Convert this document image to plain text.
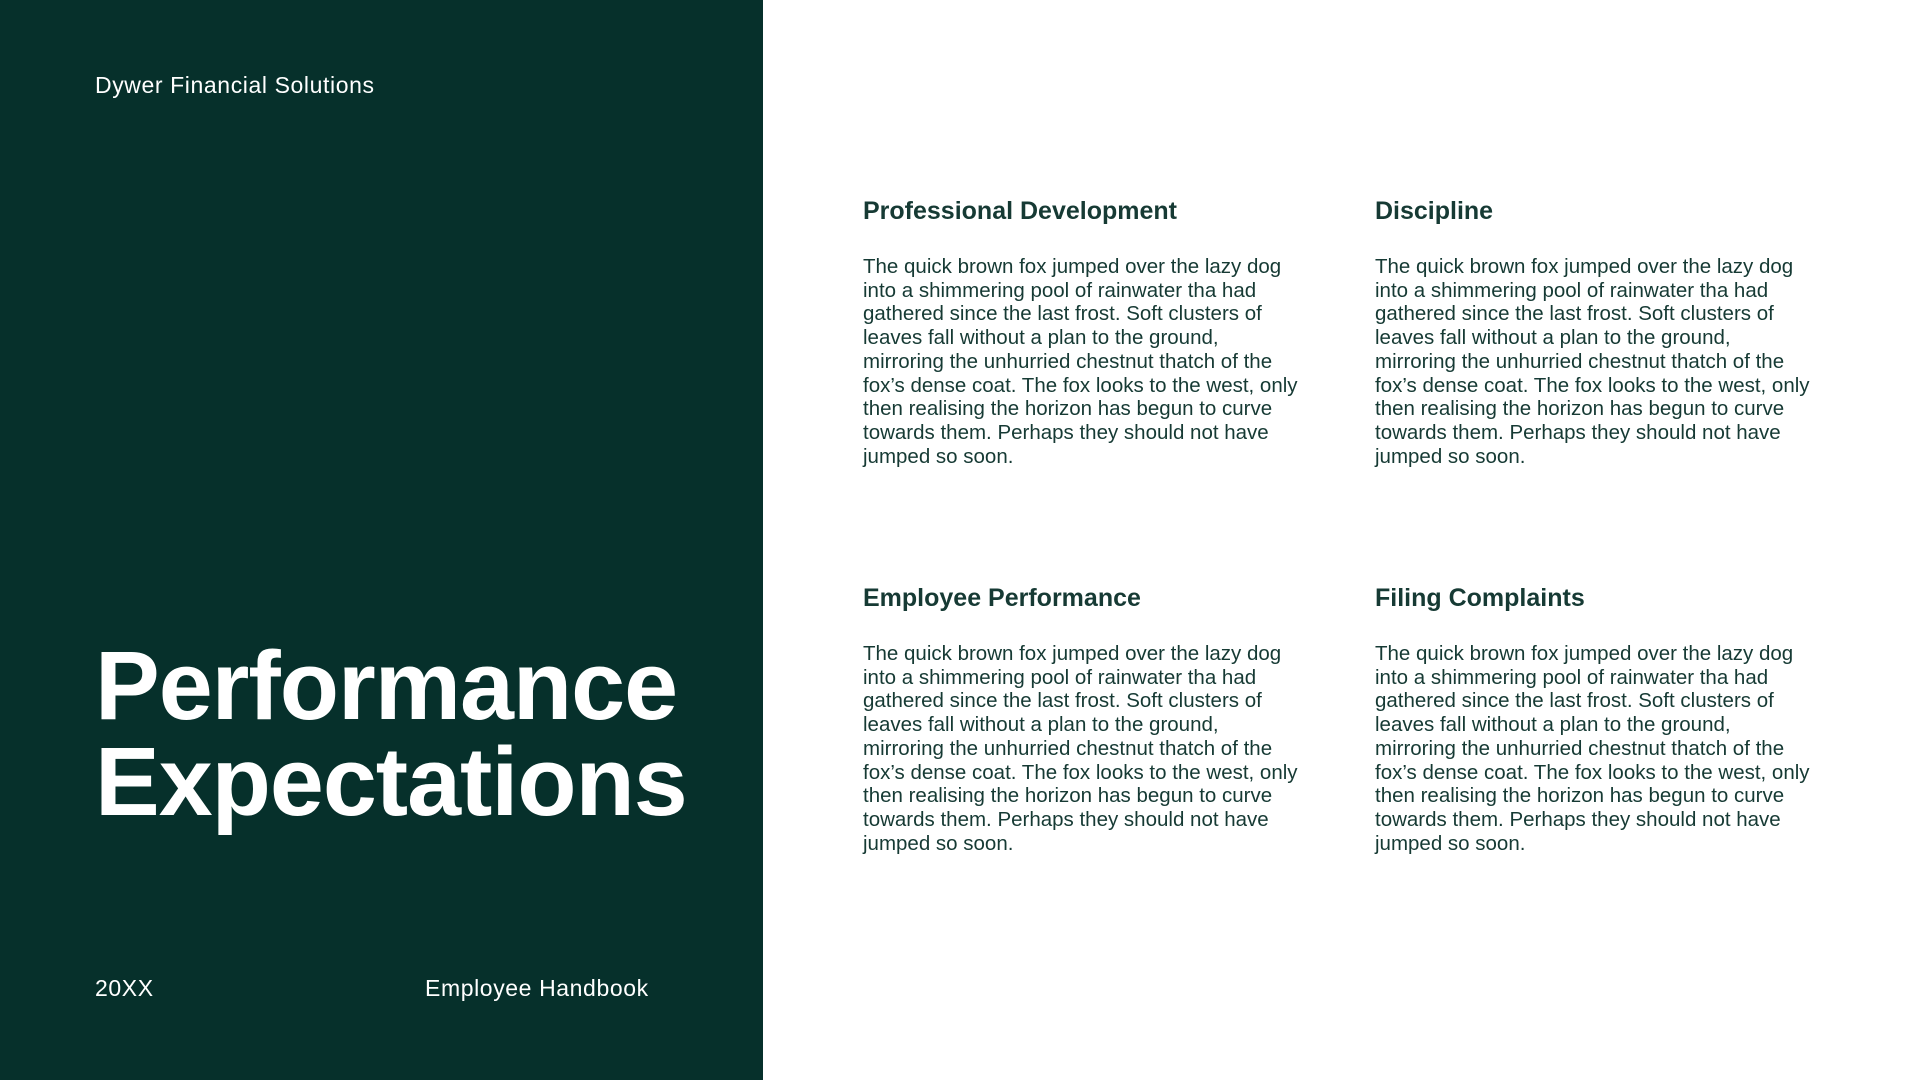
Dywer Financial Solutions
Performance
Expectations
20XX	Employee Handbook
Professional Development

The quick brown fox jumped over the lazy dog into a shimmering pool of rainwater tha had gathered since the last frost. Soft clusters of leaves fall without a plan to the ground, mirroring the unhurried chestnut thatch of the fox’s dense coat. The fox looks to the west, only then realising the horizon has begun to curve towards them. Perhaps they should not have jumped so soon.

Discipline

The quick brown fox jumped over the lazy dog into a shimmering pool of rainwater tha had gathered since the last frost. Soft clusters of leaves fall without a plan to the ground, mirroring the unhurried chestnut thatch of the fox’s dense coat. The fox looks to the west, only then realising the horizon has begun to curve towards them. Perhaps they should not have jumped so soon.

Employee Performance

The quick brown fox jumped over the lazy dog into a shimmering pool of rainwater tha had gathered since the last frost. Soft clusters of leaves fall without a plan to the ground, mirroring the unhurried chestnut thatch of the fox’s dense coat. The fox looks to the west, only then realising the horizon has begun to curve towards them. Perhaps they should not have jumped so soon.

Filing Complaints

The quick brown fox jumped over the lazy dog into a shimmering pool of rainwater tha had gathered since the last frost. Soft clusters of leaves fall without a plan to the ground, mirroring the unhurried chestnut thatch of the fox’s dense coat. The fox looks to the west, only then realising the horizon has begun to curve towards them. Perhaps they should not have jumped so soon.
